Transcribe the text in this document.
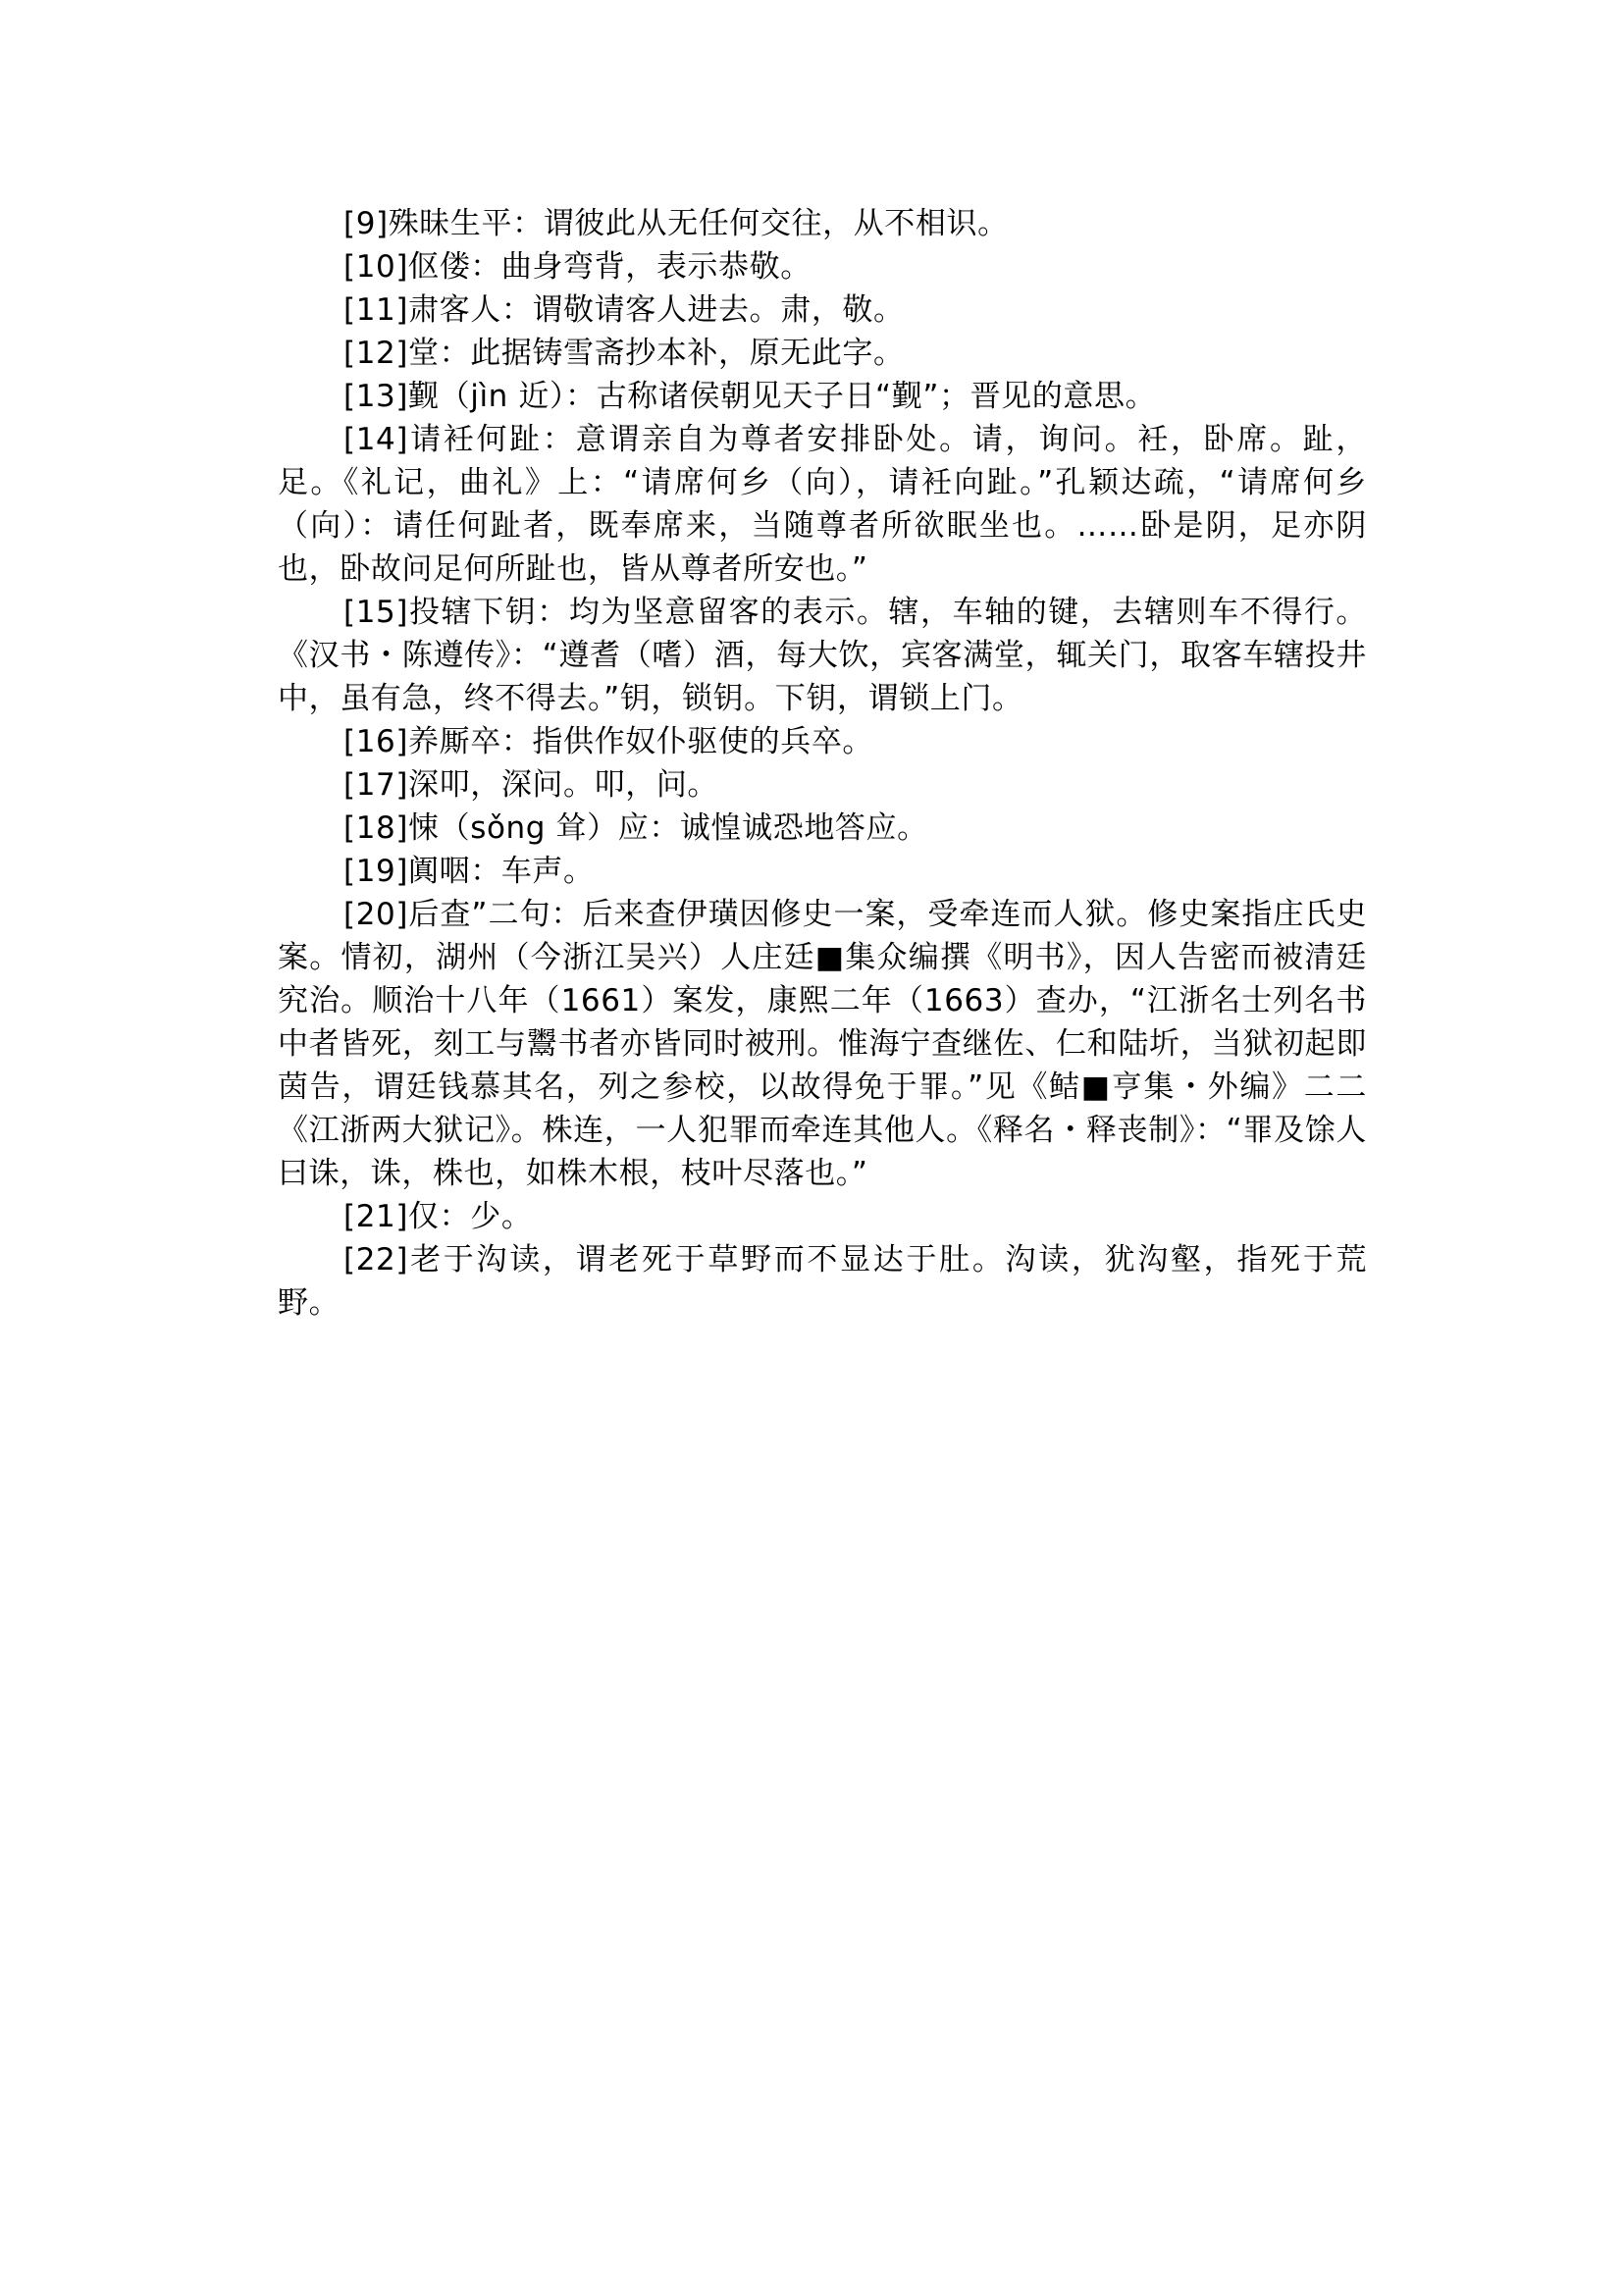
[9]殊昧生平：谓彼此从无任何交往，从不相识。

[10]伛偻：曲身弯背，表示恭敬。

[11]肃客人：谓敬请客人进去。肃，敬。

[12]堂：此据铸雪斋抄本补，原无此字。

[13]觐（jìn 近）：古称诸侯朝见天子日“觐”；晋见的意思。

[14]请衽何趾：意谓亲自为尊者安排卧处。请，询问。衽，卧席。趾，足。《礼记，曲礼》上：“请席何乡（向），请衽向趾。”孔颖达疏，“请席何乡（向）：请任何趾者，既奉席来，当随尊者所欲眠坐也。……卧是阴，足亦阴也，卧故问足何所趾也，皆从尊者所安也。”

[15]投辖下钥：均为坚意留客的表示。辖，车轴的键，去辖则车不得行。《汉书・陈遵传》：“遵耆（嗜）酒，每大饮，宾客满堂，辄关门，取客车辖投井中，虽有急，终不得去。”钥，锁钥。下钥，谓锁上门。

[16]养厮卒：指供作奴仆驱使的兵卒。

[17]深叩，深问。叩，问。

[18]悚（sǒng 耸）应：诚惶诚恐地答应。

[19]阗咽：车声。

[20]后查”二句：后来查伊璜因修史一案，受牵连而人狱。修史案指庄氏史案。情初，湖州（今浙江吴兴）人庄廷■集众编撰《明书》，因人告密而被清廷究治。顺治十八年（1661）案发，康熙二年（1663）查办，“江浙名士列名书中者皆死，刻工与鬻书者亦皆同时被刑。惟海宁查继佐、仁和陆圻，当狱初起即茵告，谓廷钱慕其名，列之参校，以故得免于罪。”见《鲒■亨集・外编》二二《江浙两大狱记》。株连，一人犯罪而牵连其他人。《释名・释丧制》：“罪及馀人曰诛，诛，株也，如株木根，枝叶尽落也。”

[21]仅：少。

[22]老于沟读，谓老死于草野而不显达于肚。沟读，犹沟壑，指死于荒野。
